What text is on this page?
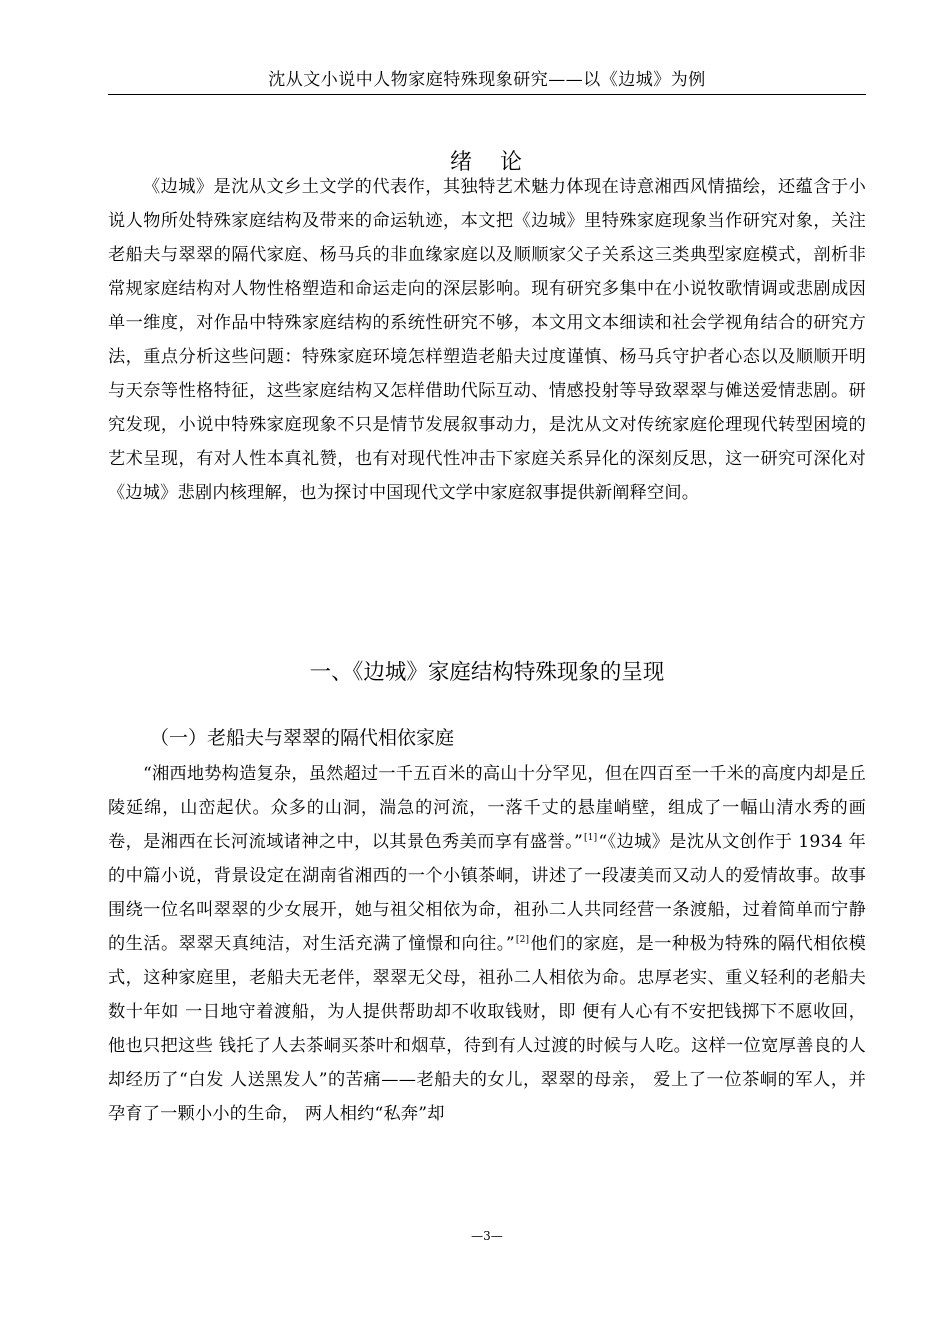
沈从文小说中人物家庭特殊现象研究——以《边城》为例
绪 论

《边城》是沈从文乡土文学的代表作，其独特艺术魅力体现在诗意湘西风情描绘，还蕴含于小说人物所处特殊家庭结构及带来的命运轨迹，本文把《边城》里特殊家庭现象当作研究对象，关注老船夫与翠翠的隔代家庭、杨马兵的非血缘家庭以及顺顺家父子关系这三类典型家庭模式，剖析非常规家庭结构对人物性格塑造和命运走向的深层影响。现有研究多集中在小说牧歌情调或悲剧成因单一维度，对作品中特殊家庭结构的系统性研究不够，本文用文本细读和社会学视角结合的研究方法，重点分析这些问题：特殊家庭环境怎样塑造老船夫过度谨慎、杨马兵守护者心态以及顺顺开明与天奈等性格特征，这些家庭结构又怎样借助代际互动、情感投射等导致翠翠与傩送爱情悲剧。研究发现，小说中特殊家庭现象不只是情节发展叙事动力，是沈从文对传统家庭伦理现代转型困境的艺术呈现，有对人性本真礼赞，也有对现代性冲击下家庭关系异化的深刻反思，这一研究可深化对《边城》悲剧内核理解，也为探讨中国现代文学中家庭叙事提供新阐释空间。

一、《边城》家庭结构特殊现象的呈现
（一）老船夫与翠翠的隔代相依家庭

“湘西地势构造复杂，虽然超过一千五百米的高山十分罕见，但在四百至一千米的高度内却是丘陵延绵，山峦起伏。众多的山洞，湍急的河流，一落千丈的悬崖峭壁，组成了一幅山清水秀的画卷，是湘西在长河流域诸神之中，以其景色秀美而享有盛誉。”[1]“《边城》是沈从文创作于 1934 年的中篇小说，背景设定在湖南省湘西的一个小镇茶峒，讲述了一段凄美而又动人的爱情故事。故事围绕一位名叫翠翠的少女展开，她与祖父相依为命，祖孙二人共同经营一条渡船，过着简单而宁静的生活。翠翠天真纯洁，对生活充满了憧憬和向往。”[2]他们的家庭，是一种极为特殊的隔代相依模式，这种家庭里，老船夫无老伴，翠翠无父母，祖孙二人相依为命。忠厚老实、重义轻利的老船夫数十年如 一日地守着渡船，为人提供帮助却不收取钱财，即 便有人心有不安把钱掷下不愿收回，他也只把这些 钱托了人去茶峒买茶叶和烟草，待到有人过渡的时候与人吃。这样一位宽厚善良的人却经历了“白发 人送黑发人”的苦痛——老船夫的女儿，翠翠的母亲， 爱上了一位茶峒的军人，并孕育了一颗小小的生命， 两人相约“私奔”却

—3—
